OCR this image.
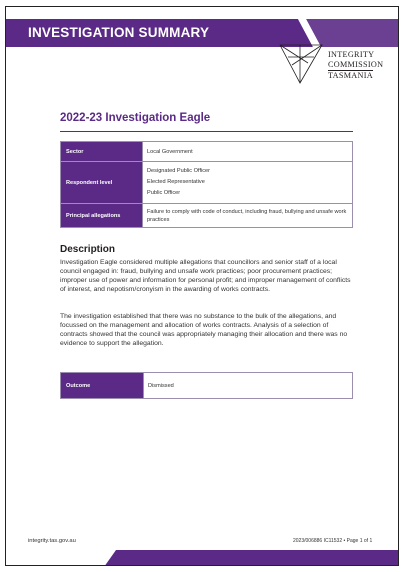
INVESTIGATION SUMMARY
INTEGRITY
COMMISSION
TASMANIA
2022-23 Investigation Eagle
Sector	Local Government
Respondent level	Designated Public Officer
Elected Representative
Public Officer

Principal allegations	Failure to comply with code of conduct, including fraud, bullying and unsafe work practices
Description
Investigation Eagle considered multiple allegations that councillors and senior staff of a local council engaged in: fraud, bullying and unsafe work practices; poor procurement practices; improper use of power and information for personal profit; and improper management of conflicts of interest, and nepotism/cronyism in the awarding of works contracts.
The investigation established that there was no substance to the bulk of the allegations, and focussed on the management and allocation of works contracts. Analysis of a selection of contracts showed that the council was appropriately managing their allocation and there was no evidence to support the allegation.
Outcome	Dismissed
integrity.tas.gov.au	2023/006886 IC11532 • Page 1 of 1
